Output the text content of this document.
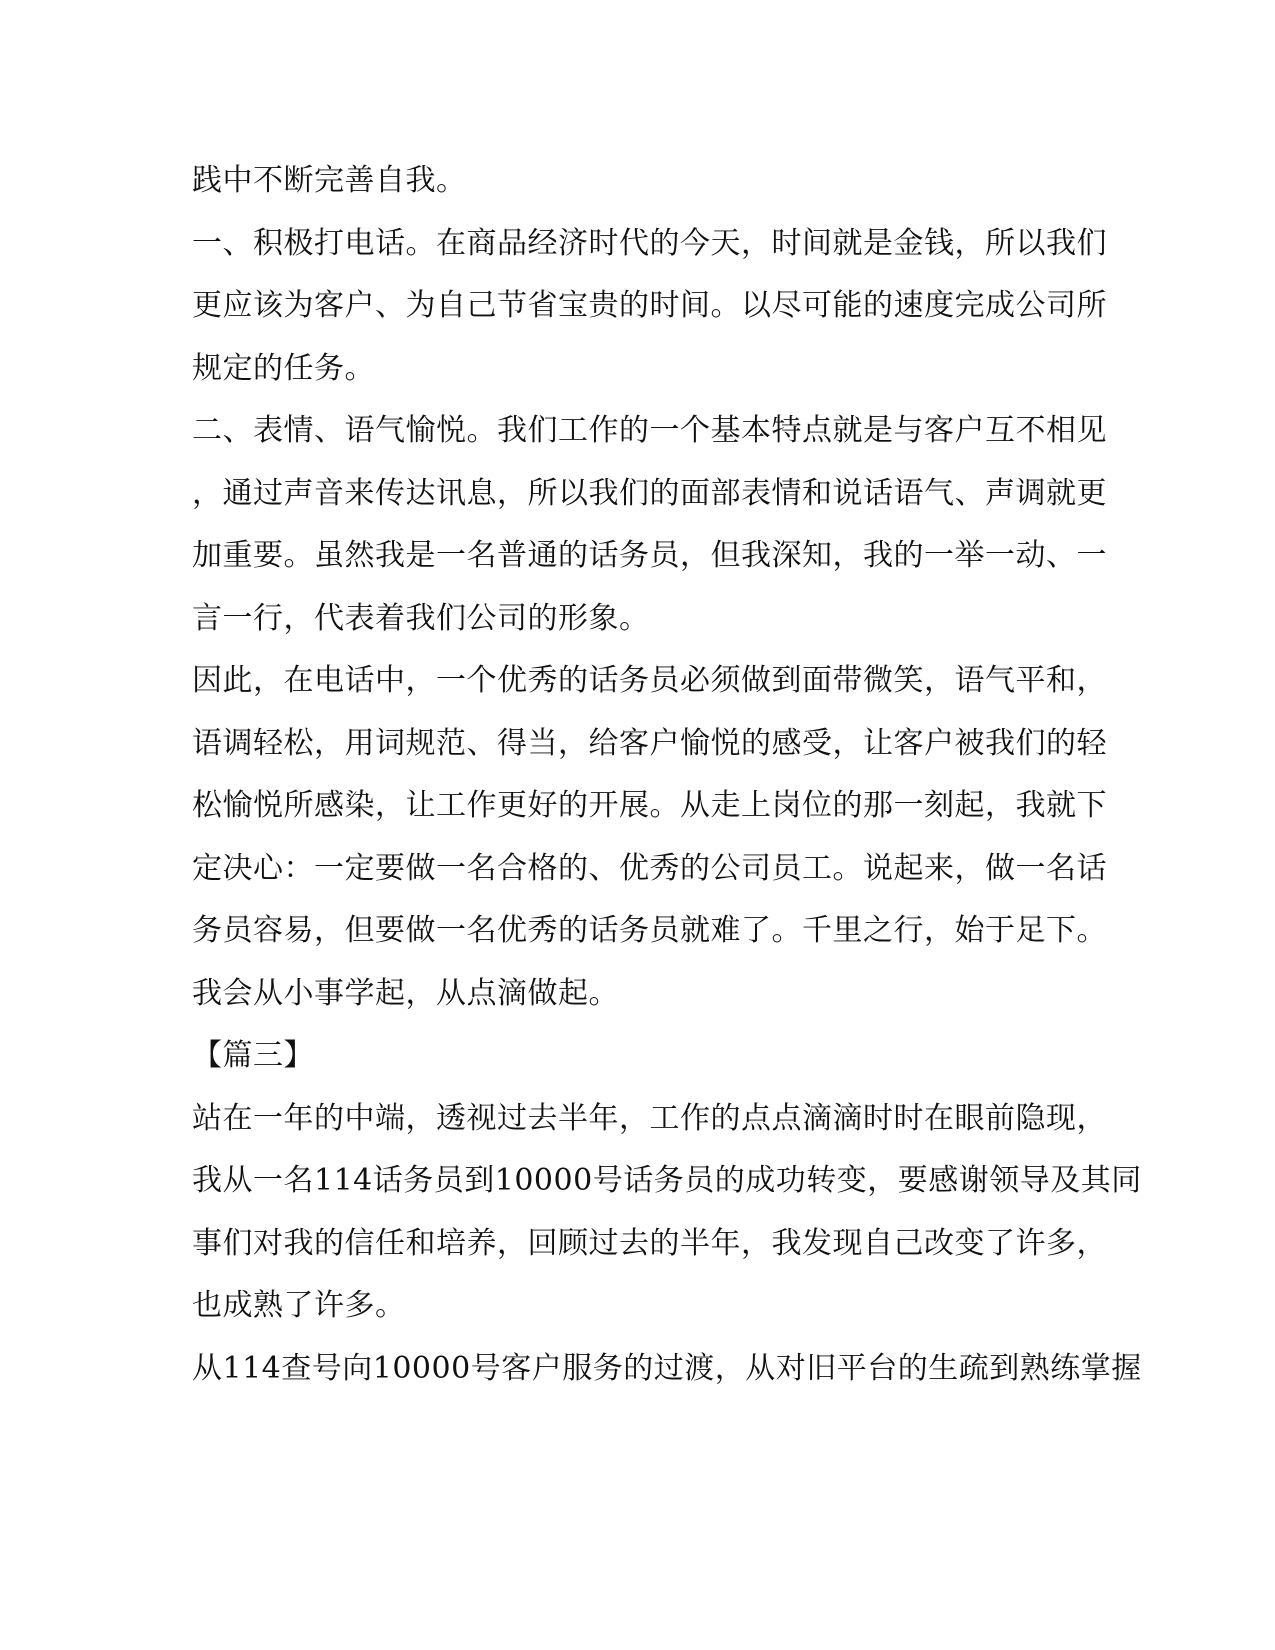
践中不断完善自我。
一、积极打电话。在商品经济时代的今天，时间就是金钱，所以我们
更应该为客户、为自己节省宝贵的时间。以尽可能的速度完成公司所
规定的任务。
二、表情、语气愉悦。我们工作的一个基本特点就是与客户互不相见
，通过声音来传达讯息，所以我们的面部表情和说话语气、声调就更
加重要。虽然我是一名普通的话务员，但我深知，我的一举一动、一
言一行，代表着我们公司的形象。
因此，在电话中，一个优秀的话务员必须做到面带微笑，语气平和，
语调轻松，用词规范、得当，给客户愉悦的感受，让客户被我们的轻
松愉悦所感染，让工作更好的开展。从走上岗位的那一刻起，我就下
定决心：一定要做一名合格的、优秀的公司员工。说起来，做一名话
务员容易，但要做一名优秀的话务员就难了。千里之行，始于足下。
我会从小事学起，从点滴做起。
【篇三】
站在一年的中端，透视过去半年，工作的点点滴滴时时在眼前隐现，
我从一名114话务员到10000号话务员的成功转变，要感谢领导及其同
事们对我的信任和培养，回顾过去的半年，我发现自己改变了许多，
也成熟了许多。
从114查号向10000号客户服务的过渡，从对旧平台的生疏到熟练掌握
